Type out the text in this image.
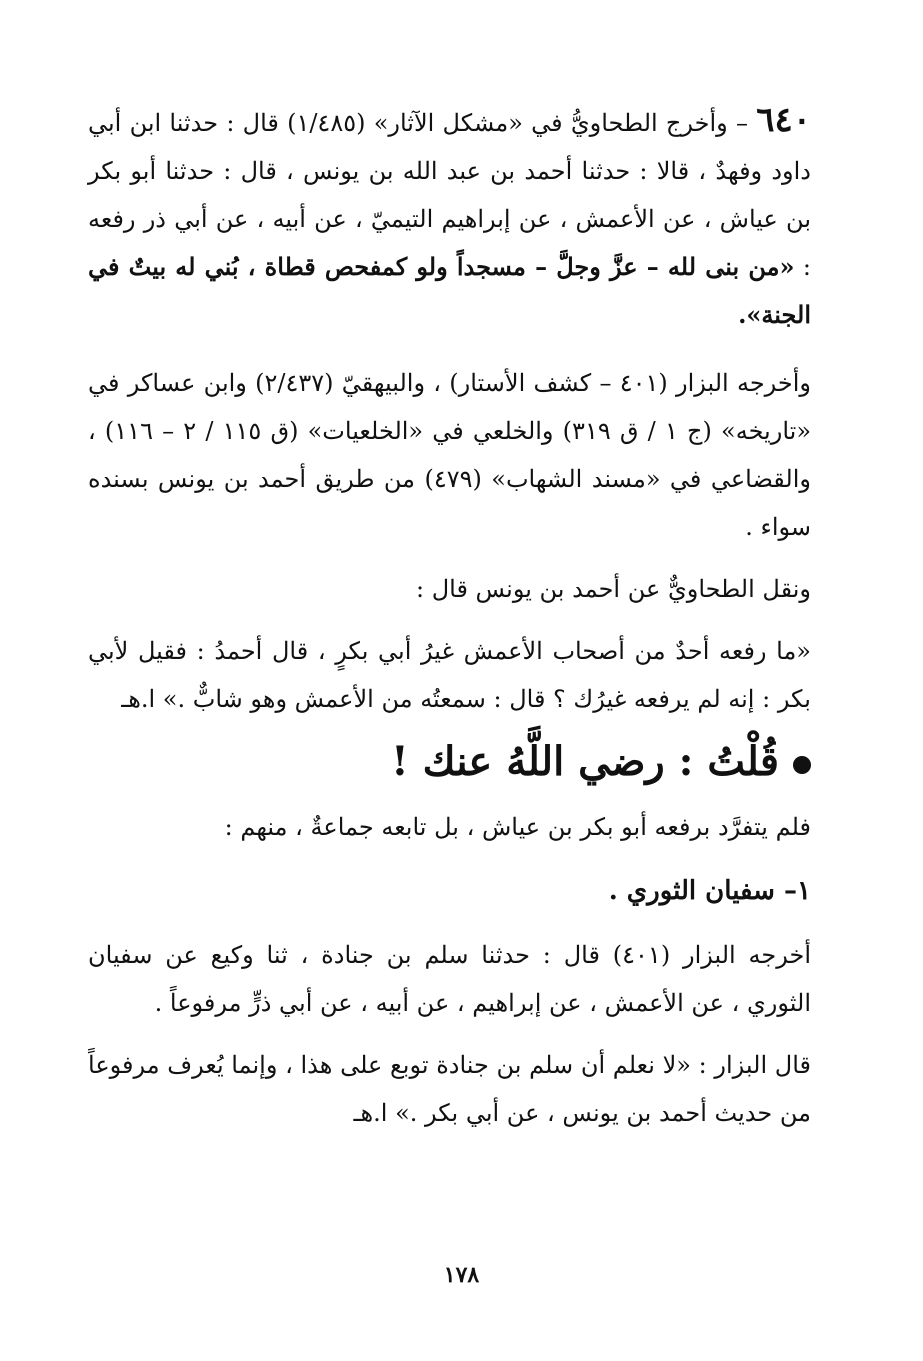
٦٤٠ – وأخرج الطحاويُّ في «مشكل الآثار» (١/٤٨٥) قال : حدثنا ابن أبي داود وفهدٌ ، قالا : حدثنا أحمد بن عبد الله بن يونس ، قال : حدثنا أبو بكر بن عياش ، عن الأعمش ، عن إبراهيم التيميّ ، عن أبيه ، عن أبي ذر رفعه : «من بنى لله – عزَّ وجلَّ – مسجداً ولو كمفحص قطاة ، بُني له بيتٌ في الجنة».

وأخرجه البزار (٤٠١ – كشف الأستار) ، والبيهقيّ (٢/٤٣٧) وابن عساكر في «تاريخه» (ج ١ / ق ٣١٩) والخلعي في «الخلعيات» (ق ١١٥ / ٢ – ١١٦) ، والقضاعي في «مسند الشهاب» (٤٧٩) من طريق أحمد بن يونس بسنده سواء .

ونقل الطحاويٌّ عن أحمد بن يونس قال :

«ما رفعه أحدٌ من أصحاب الأعمش غيرُ أبي بكرٍ ، قال أحمدُ : فقيل لأبي بكر : إنه لم يرفعه غيرُك ؟ قال : سمعتُه من الأعمش وهو شابٌّ .» ا.هـ

قُلْتُ : رضي اللَّهُ عنك !

فلم يتفرَّد برفعه أبو بكر بن عياش ، بل تابعه جماعةٌ ، منهم :

١– سفيان الثوري .

أخرجه البزار (٤٠١) قال : حدثنا سلم بن جنادة ، ثنا وكيع عن سفيان الثوري ، عن الأعمش ، عن إبراهيم ، عن أبيه ، عن أبي ذرٍّ مرفوعاً .

قال البزار : «لا نعلم أن سلم بن جنادة توبع على هذا ، وإنما يُعرف مرفوعاً من حديث أحمد بن يونس ، عن أبي بكر .» ا.هـ

١٧٨
